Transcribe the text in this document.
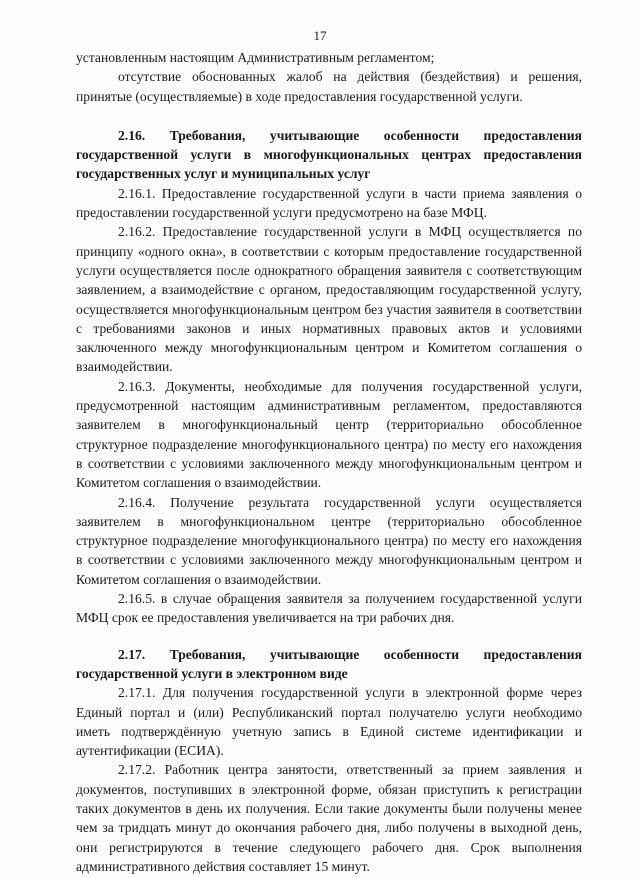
17

установленным настоящим Административным регламентом;

отсутствие обоснованных жалоб на действия (бездействия) и решения, принятые (осуществляемые) в ходе предоставления государственной услуги.

2.16. Требования, учитывающие особенности предоставления государственной услуги в многофункциональных центрах предоставления государственных услуг и муниципальных услуг

2.16.1. Предоставление государственной услуги в части приема заявления о предоставлении государственной услуги предусмотрено на базе МФЦ.

2.16.2. Предоставление государственной услуги в МФЦ осуществляется по принципу «одного окна», в соответствии с которым предоставление государственной услуги осуществляется после однократного обращения заявителя с соответствующим заявлением, а взаимодействие с органом, предоставляющим государственной услугу, осуществляется многофункциональным центром без участия заявителя в соответствии с требованиями законов и иных нормативных правовых актов и условиями заключенного между многофункциональным центром и Комитетом соглашения о взаимодействии.

2.16.3. Документы, необходимые для получения государственной услуги, предусмотренной настоящим административным регламентом, предоставляются заявителем в многофункциональный центр (территориально обособленное структурное подразделение многофункционального центра) по месту его нахождения в соответствии с условиями заключенного между многофункциональным центром и Комитетом соглашения о взаимодействии.

2.16.4. Получение результата государственной услуги осуществляется заявителем в многофункциональном центре (территориально обособленное структурное подразделение многофункционального центра) по месту его нахождения в соответствии с условиями заключенного между многофункциональным центром и Комитетом соглашения о взаимодействии.

2.16.5. в случае обращения заявителя за получением государственной услуги МФЦ срок ее предоставления увеличивается на три рабочих дня.

2.17. Требования, учитывающие особенности предоставления государственной услуги в электронном виде

2.17.1. Для получения государственной услуги в электронной форме через Единый портал и (или) Республиканский портал получателю услуги необходимо иметь подтверждённую учетную запись в Единой системе идентификации и аутентификации (ЕСИА).

2.17.2. Работник центра занятости, ответственный за прием заявления и документов, поступивших в электронной форме, обязан приступить к регистрации таких документов в день их получения. Если такие документы были получены менее чем за тридцать минут до окончания рабочего дня, либо получены в выходной день, они регистрируются в течение следующего рабочего дня. Срок выполнения административного действия составляет 15 минут.
